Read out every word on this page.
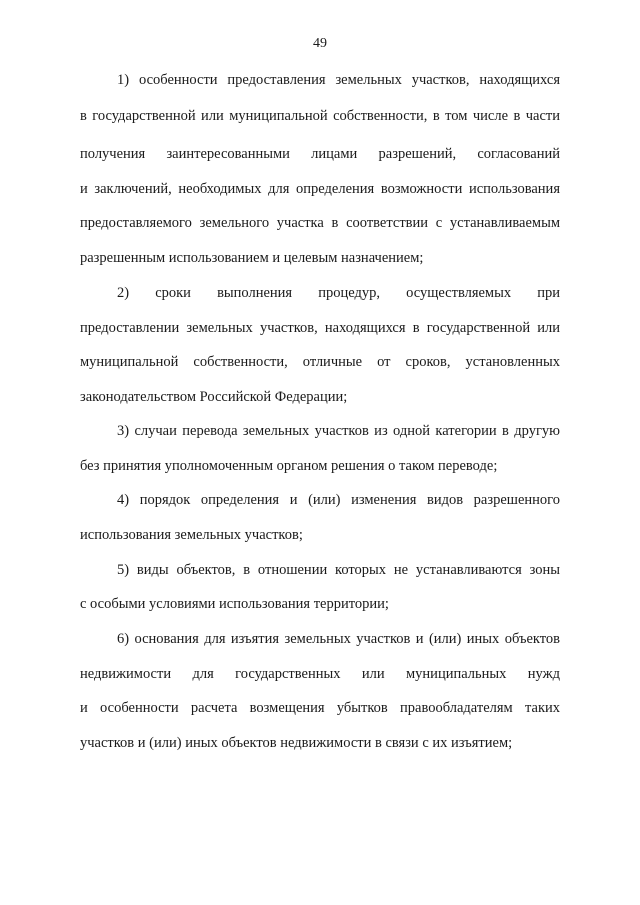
49
1) особенности предоставления земельных участков, находящихся
в государственной или муниципальной собственности, в том числе в части
получения заинтересованными лицами разрешений, согласований
и заключений, необходимых для определения возможности использования
предоставляемого земельного участка в соответствии с устанавливаемым
разрешенным использованием и целевым назначением;
2) сроки выполнения процедур, осуществляемых при
предоставлении земельных участков, находящихся в государственной или
муниципальной собственности, отличные от сроков, установленных
законодательством Российской Федерации;
3) случаи перевода земельных участков из одной категории в другую
без принятия уполномоченным органом решения о таком переводе;
4) порядок определения и (или) изменения видов разрешенного
использования земельных участков;
5) виды объектов, в отношении которых не устанавливаются зоны
с особыми условиями использования территории;
6) основания для изъятия земельных участков и (или) иных объектов
недвижимости для государственных или муниципальных нужд
и особенности расчета возмещения убытков правообладателям таких
участков и (или) иных объектов недвижимости в связи с их изъятием;
